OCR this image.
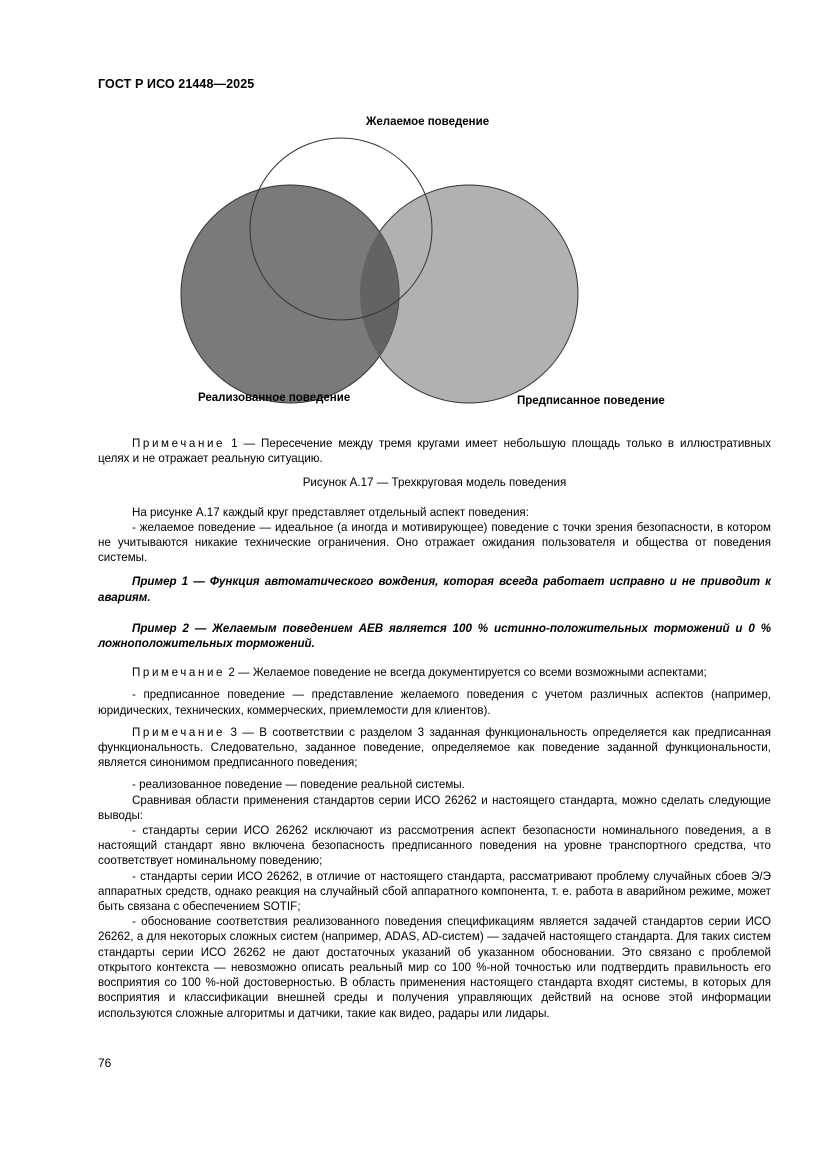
ГОСТ Р ИСО 21448—2025
Желаемое поведение
Реализованное поведение	Предписанное поведение

Примечание 1 — Пересечение между тремя кругами имеет небольшую площадь только в иллюстративных целях и не отражает реальную ситуацию.

Рисунок А.17 — Трехкруговая модель поведения

На рисунке А.17 каждый круг представляет отдельный аспект поведения:

- желаемое поведение — идеальное (а иногда и мотивирующее) поведение с точки зрения безопасности, в котором не учитываются никакие технические ограничения. Оно отражает ожидания пользователя и общества от поведения системы.

Пример 1 — Функция автоматического вождения, которая всегда работает исправно и не приводит к авариям.

Пример 2 — Желаемым поведением АЕВ является 100 % истинно-положительных торможений и 0 % ложноположительных торможений.

Примечание 2 — Желаемое поведение не всегда документируется со всеми возможными аспектами;

- предписанное поведение — представление желаемого поведения с учетом различных аспектов (например, юридических, технических, коммерческих, приемлемости для клиентов).

Примечание 3 — В соответствии с разделом 3 заданная функциональность определяется как предписанная функциональность. Следовательно, заданное поведение, определяемое как поведение заданной функциональности, является синонимом предписанного поведения;

- реализованное поведение — поведение реальной системы.

Сравнивая области применения стандартов серии ИСО 26262 и настоящего стандарта, можно сделать следующие выводы:

- стандарты серии ИСО 26262 исключают из рассмотрения аспект безопасности номинального поведения, а в настоящий стандарт явно включена безопасность предписанного поведения на уровне транспортного средства, что соответствует номинальному поведению;

- стандарты серии ИСО 26262, в отличие от настоящего стандарта, рассматривают проблему случайных сбоев Э/Э аппаратных средств, однако реакция на случайный сбой аппаратного компонента, т. е. работа в аварийном режиме, может быть связана с обеспечением SOTIF;

- обоснование соответствия реализованного поведения спецификациям является задачей стандартов серии ИСО 26262, а для некоторых сложных систем (например, ADAS, AD-систем) — задачей настоящего стандарта. Для таких систем стандарты серии ИСО 26262 не дают достаточных указаний об указанном обосновании. Это связано с проблемой открытого контекста — невозможно описать реальный мир со 100 %-ной точностью или подтвердить правильность его восприятия со 100 %-ной достоверностью. В область применения настоящего стандарта входят системы, в которых для восприятия и классификации внешней среды и получения управляющих действий на основе этой информации используются сложные алгоритмы и датчики, такие как видео, радары или лидары.

76
